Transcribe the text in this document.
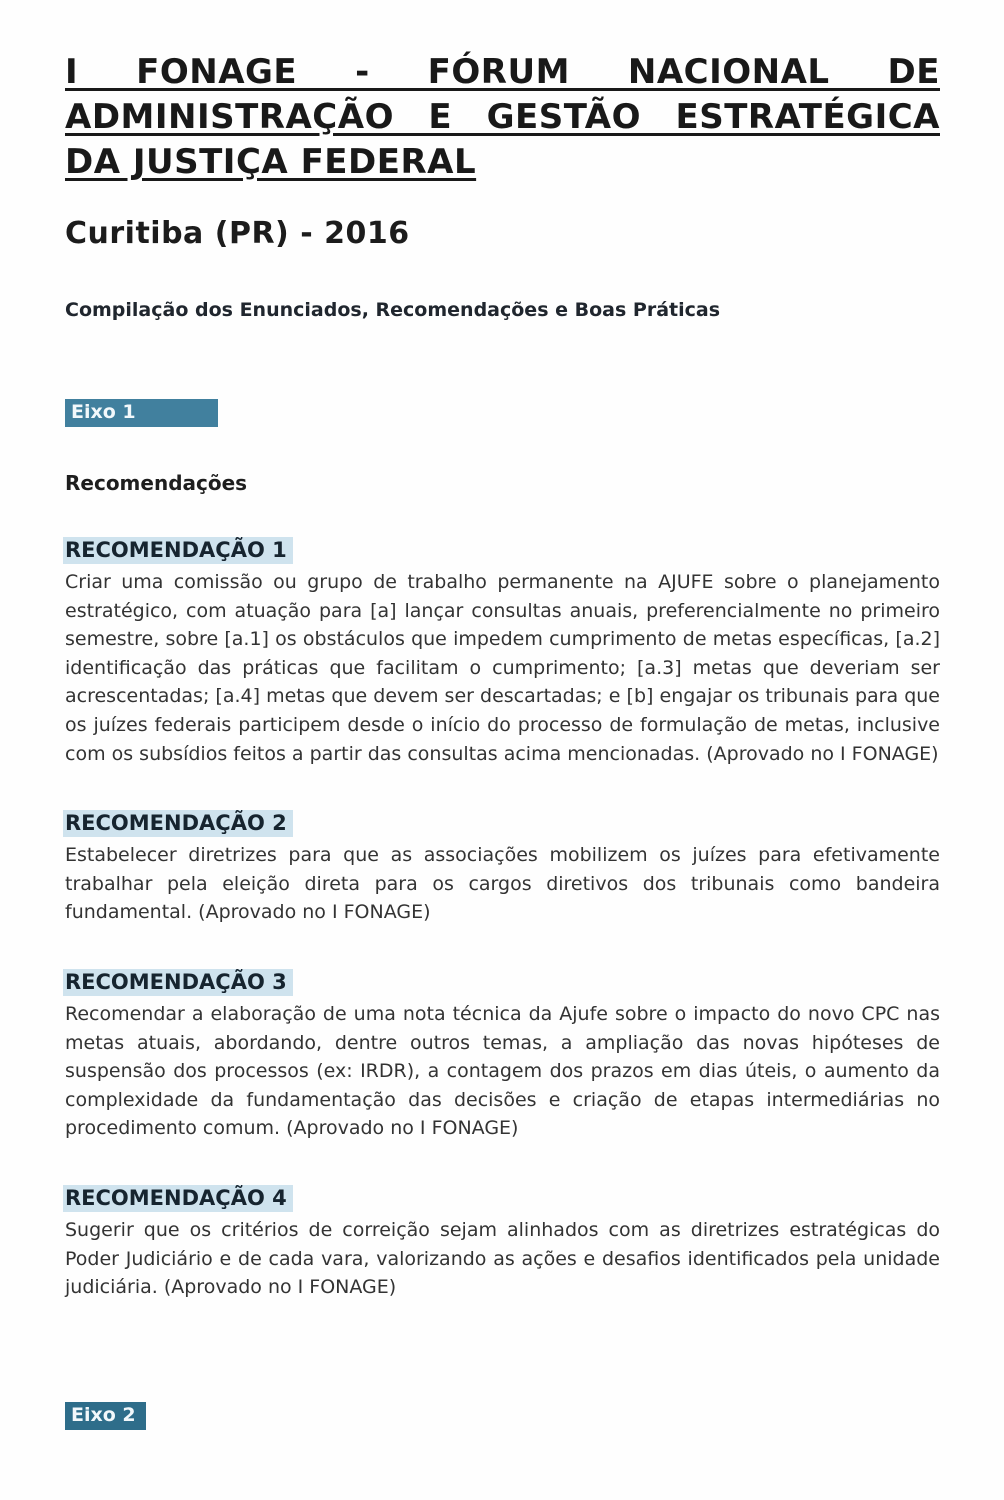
I FONAGE - FÓRUM NACIONAL DE
ADMINISTRAÇÃO E GESTÃO ESTRATÉGICA
DA JUSTIÇA FEDERAL

Curitiba (PR) - 2016

Compilação dos Enunciados, Recomendações e Boas Práticas

Eixo 1

Recomendações

RECOMENDAÇÃO 1

Criar uma comissão ou grupo de trabalho permanente na AJUFE sobre o planejamento estratégico, com atuação para [a] lançar consultas anuais, preferencialmente no primeiro semestre, sobre [a.1] os obstáculos que impedem cumprimento de metas específicas, [a.2] identificação das práticas que facilitam o cumprimento; [a.3] metas que deveriam ser acrescentadas; [a.4] metas que devem ser descartadas; e [b] engajar os tribunais para que os juízes federais participem desde o início do processo de formulação de metas, inclusive com os subsídios feitos a partir das consultas acima mencionadas. (Aprovado no I FONAGE)

RECOMENDAÇÃO 2

Estabelecer diretrizes para que as associações mobilizem os juízes para efetivamente trabalhar pela eleição direta para os cargos diretivos dos tribunais como bandeira fundamental. (Aprovado no I FONAGE)

RECOMENDAÇÃO 3

Recomendar a elaboração de uma nota técnica da Ajufe sobre o impacto do novo CPC nas metas atuais, abordando, dentre outros temas, a ampliação das novas hipóteses de suspensão dos processos (ex: IRDR), a contagem dos prazos em dias úteis, o aumento da complexidade da fundamentação das decisões e criação de etapas intermediárias no procedimento comum. (Aprovado no I FONAGE)

RECOMENDAÇÃO 4

Sugerir que os critérios de correição sejam alinhados com as diretrizes estratégicas do Poder Judiciário e de cada vara, valorizando as ações e desafios identificados pela unidade judiciária. (Aprovado no I FONAGE)

Eixo 2
